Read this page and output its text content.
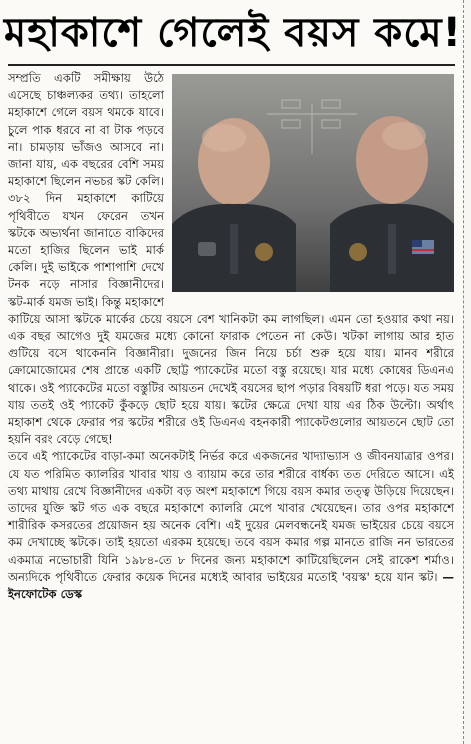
মহাকাশে গেলেই বয়স কমে!

সম্প্রতি একটি সমীক্ষায় উঠে এসেছে চাঞ্চল্যকর তথ্য। তাহলো মহাকাশে গেলে বয়স থমকে যাবে। চুলে পাক ধরবে না বা টাক পড়বে না। চামড়ায় ভাঁজও আসবে না। জানা যায়, এক বছরের বেশি সময় মহাকাশে ছিলেন নভচর স্কট কেলি। ৩৮২ দিন মহাকাশে কাটিয়ে পৃথিবীতে যখন ফেরেন তখন স্কটকে অভ্যর্থনা জানাতে বাকিদের মতো হাজির ছিলেন ভাই মার্ক কেলি। দুই ভাইকে পাশাপাশি দেখে টনক নড়ে নাসার বিজ্ঞানীদের। স্কট-মার্ক যমজ ভাই। কিন্তু মহাকাশে কাটিয়ে আসা স্কটকে মার্কের চেয়ে বয়সে বেশ খানিকটা কম লাগছিল। এমন তো হওয়ার কথা নয়। এক বছর আগেও দুই যমজের মধ্যে কোনো ফারাক পেতেন না কেউ। খটকা লাগায় আর হাত গুটিয়ে বসে থাকেননি বিজ্ঞানীরা। দুজনের জিন নিয়ে চর্চা শুরু হয়ে যায়। মানব শরীরে ক্রোমোজোমের শেষ প্রান্তে একটি ছোট্ট প্যাকেটের মতো বস্তু রয়েছে। যার মধ্যে কোষের ডিএনএ থাকে। ওই প্যাকেটের মতো বস্তুটির আয়তন দেখেই বয়সের ছাপ পড়ার বিষয়টি ধরা পড়ে। যত সময় যায় ততই ওই প্যাকেট কুঁকড়ে ছোট হয়ে যায়। স্কটের ক্ষেত্রে দেখা যায় এর ঠিক উল্টো। অর্থাৎ মহাকাশ থেকে ফেরার পর স্কটের শরীরে ওই ডিএনএ বহনকারী প্যাকেটগুলোর আয়তনে ছোট তো হয়নি বরং বেড়ে গেছে!

তবে এই প্যাকেটের বাড়া-কমা অনেকটাই নির্ভর করে একজনের খাদ্যাভ্যাস ও জীবনযাত্রার ওপর। যে যত পরিমিত ক্যালরির খাবার খায় ও ব্যায়াম করে তার শরীরে বার্ধক্য তত দেরিতে আসে। এই তথ্য মাথায় রেখে বিজ্ঞানীদের একটা বড় অংশ মহাকাশে গিয়ে বয়স কমার তত্ত্ব উড়িয়ে দিয়েছেন। তাদের যুক্তি স্কট গত এক বছরে মহাকাশে ক্যালরি মেপে খাবার খেয়েছেন। তার ওপর মহাকাশে শারীরিক কসরতের প্রয়োজন হয় অনেক বেশি। এই দুয়ের মেলবন্ধনেই যমজ ভাইয়ের চেয়ে বয়সে কম দেখাচ্ছে স্কটকে। তাই হয়তো এরকম হয়েছে। তবে বয়স কমার গল্প মানতে রাজি নন ভারতের একমাত্র নভোচারী যিনি ১৯৮৪-তে ৮ দিনের জন্য মহাকাশে কাটিয়েছিলেন সেই রাকেশ শর্মাও। অন্যদিকে পৃথিবীতে ফেরার কয়েক দিনের মধ্যেই আবার ভাইয়ের মতোই 'বয়স্ক' হয়ে যান স্কট। —ইনফোটেক ডেস্ক
